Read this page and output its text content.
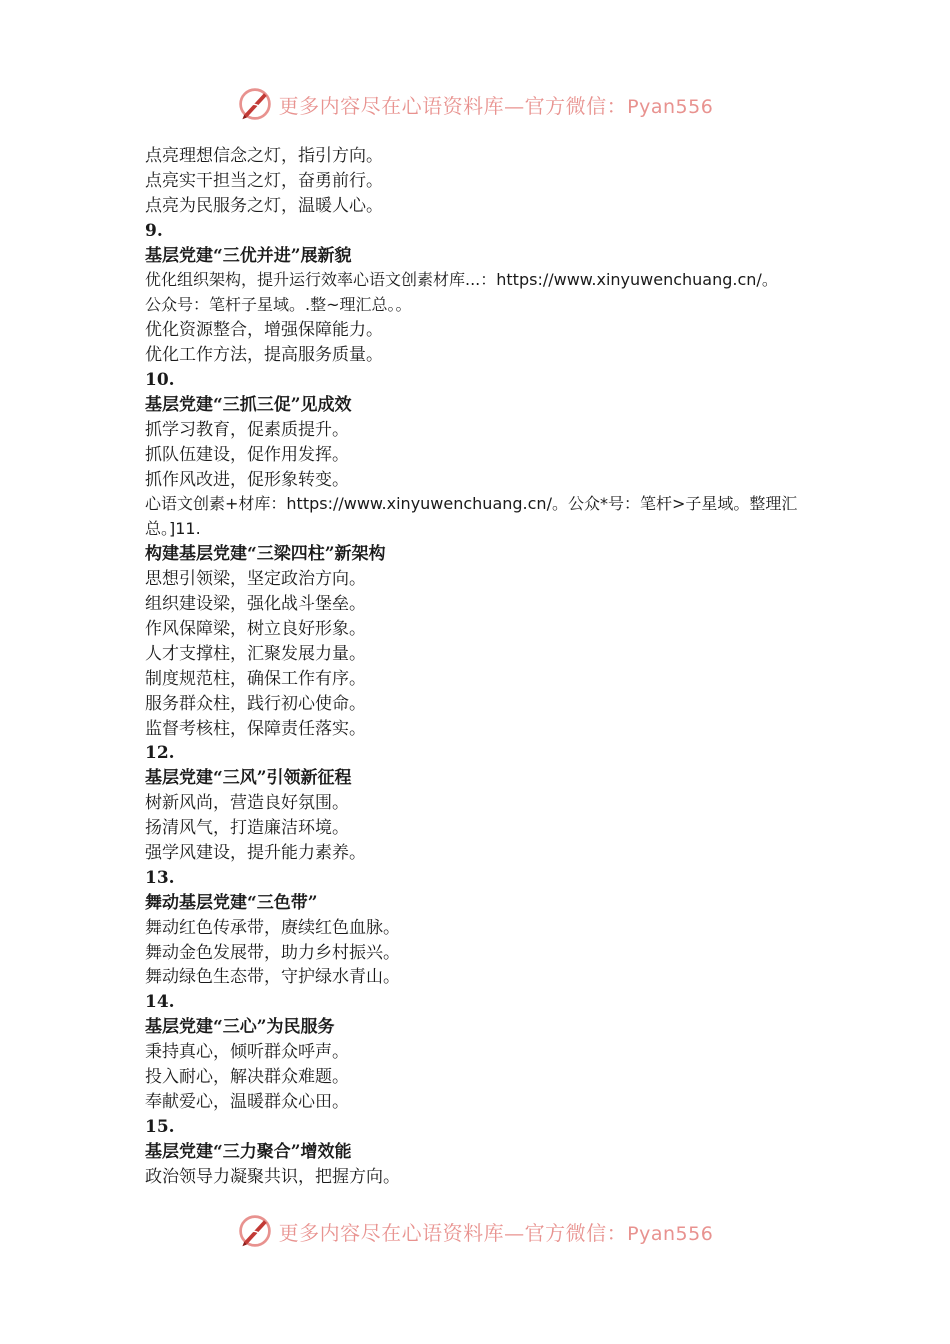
更多内容尽在心语资料库—官方微信：Pyan556
点亮理想信念之灯，指引方向。
点亮实干担当之灯，奋勇前行。
点亮为民服务之灯，温暖人心。
9.
基层党建“三优并进”展新貌
优化组织架构，提升运行效率心语文创素材库...：https://www.xinyuwenchuang.cn/。
公众号：笔杆子星域。.整~理汇总。。
优化资源整合，增强保障能力。
优化工作方法，提高服务质量。
10.
基层党建“三抓三促”见成效
抓学习教育，促素质提升。
抓队伍建设，促作用发挥。
抓作风改进，促形象转变。
心语文创素+材库：https://www.xinyuwenchuang.cn/。公众*号：笔杆>子星域。整理汇总。]11.
构建基层党建“三梁四柱”新架构
思想引领梁，坚定政治方向。
组织建设梁，强化战斗堡垒。
作风保障梁，树立良好形象。
人才支撑柱，汇聚发展力量。
制度规范柱，确保工作有序。
服务群众柱，践行初心使命。
监督考核柱，保障责任落实。
12.
基层党建“三风”引领新征程
树新风尚，营造良好氛围。
扬清风气，打造廉洁环境。
强学风建设，提升能力素养。
13.
舞动基层党建“三色带”
舞动红色传承带，赓续红色血脉。
舞动金色发展带，助力乡村振兴。
舞动绿色生态带，守护绿水青山。
14.
基层党建“三心”为民服务
秉持真心，倾听群众呼声。
投入耐心，解决群众难题。
奉献爱心，温暖群众心田。
15.
基层党建“三力聚合”增效能
政治领导力凝聚共识，把握方向。
更多内容尽在心语资料库—官方微信：Pyan556
